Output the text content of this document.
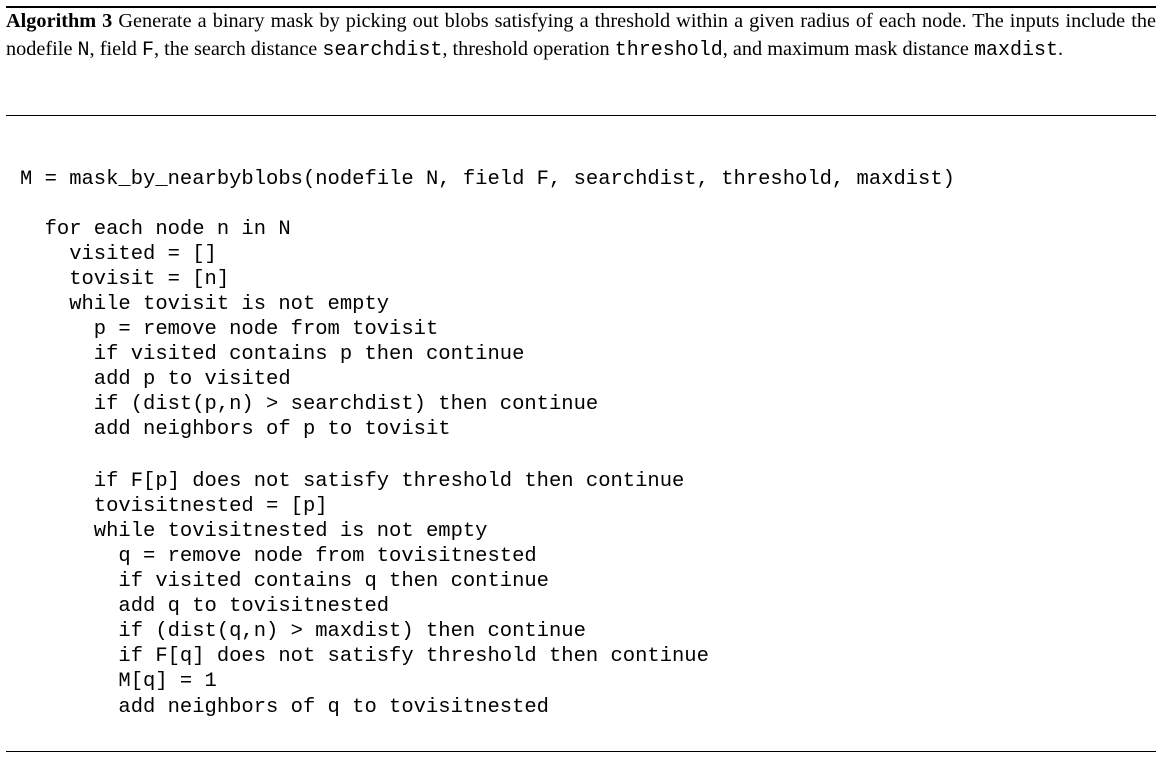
Algorithm 3 Generate a binary mask by picking out blobs satisfying a threshold within a given radius of each node. The inputs include the nodefile N, field F, the search distance searchdist, threshold operation threshold, and maximum mask distance maxdist.

M = mask_by_nearbyblobs(nodefile N, field F, searchdist, threshold, maxdist)

for each node n in N

visited = []

tovisit = [n]

while tovisit is not empty

p = remove node from tovisit

if visited contains p then continue

add p to visited

if (dist(p,n) > searchdist) then continue

add neighbors of p to tovisit

if F[p] does not satisfy threshold then continue

tovisitnested = [p]

while tovisitnested is not empty

q = remove node from tovisitnested

if visited contains q then continue

add q to tovisitnested

if (dist(q,n) > maxdist) then continue

if F[q] does not satisfy threshold then continue

M[q] = 1

add neighbors of q to tovisitnested
